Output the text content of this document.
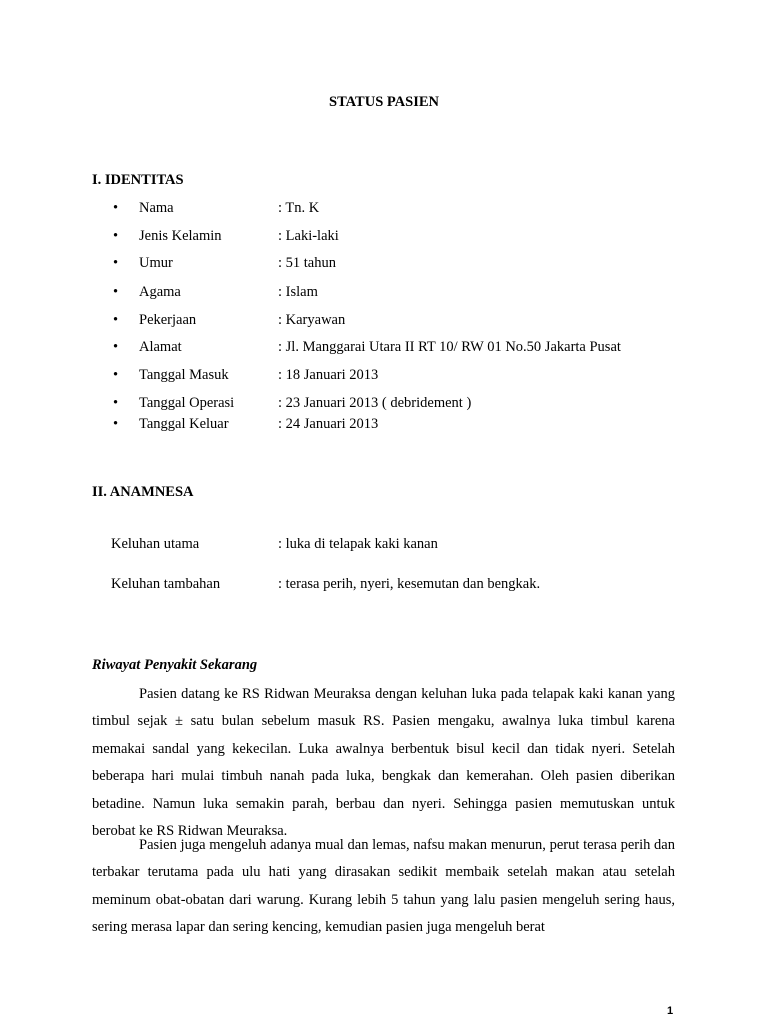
STATUS PASIEN
I. IDENTITAS
• Nama	: Tn. K
• Jenis Kelamin	: Laki-laki
• Umur	: 51 tahun
• Agama	: Islam
• Pekerjaan	: Karyawan
• Alamat	: Jl. Manggarai Utara II RT 10/ RW 01 No.50 Jakarta Pusat
• Tanggal Masuk	: 18 Januari 2013
• Tanggal Operasi	: 23 Januari 2013 ( debridement )
• Tanggal Keluar	: 24 Januari 2013
II. ANAMNESA
Keluhan utama	: luka di telapak kaki kanan
Keluhan tambahan	: terasa perih, nyeri, kesemutan dan bengkak.
Riwayat Penyakit Sekarang

Pasien datang ke RS Ridwan Meuraksa dengan keluhan luka pada telapak kaki kanan yang timbul sejak ± satu bulan sebelum masuk RS. Pasien mengaku, awalnya luka timbul karena memakai sandal yang kekecilan. Luka awalnya berbentuk bisul kecil dan tidak nyeri. Setelah beberapa hari mulai timbuh nanah pada luka, bengkak dan kemerahan. Oleh pasien diberikan betadine. Namun luka semakin parah, berbau dan nyeri. Sehingga pasien memutuskan untuk berobat ke RS Ridwan Meuraksa.

Pasien juga mengeluh adanya mual dan lemas, nafsu makan menurun, perut terasa perih dan terbakar terutama pada ulu hati yang dirasakan sedikit membaik setelah makan atau setelah meminum obat-obatan dari warung. Kurang lebih 5 tahun yang lalu pasien mengeluh sering haus, sering merasa lapar dan sering kencing, kemudian pasien juga mengeluh berat

1
